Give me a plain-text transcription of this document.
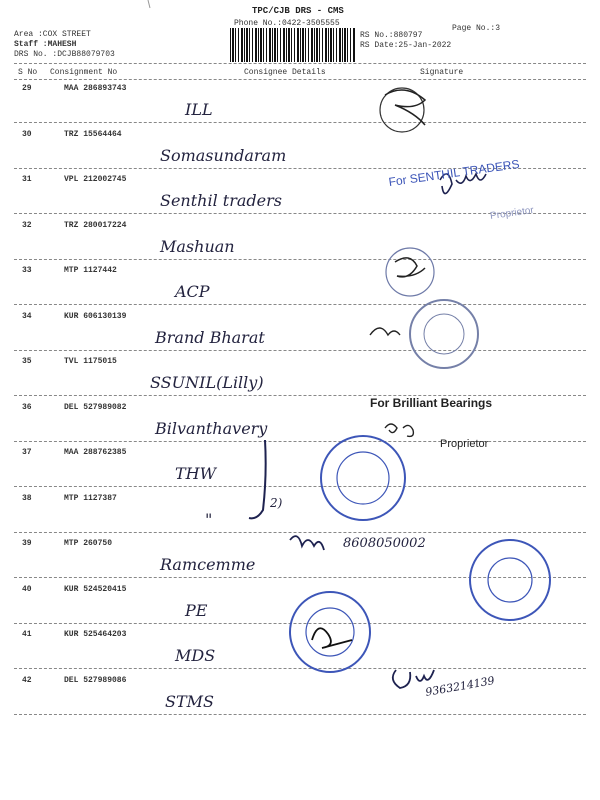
TPC/CJB DRS - CMS
Area :COX STREET
Staff :MAHESH
DRS No. :DCJB88079703
Phone No.:0422-3505555
RS No.:880797
RS Date:25-Jan-2022
Page No.:3
S No Consignment No	Consignee Details	Signature
29	MAA 286893743
ILL
30	TRZ 15564464
Somasundaram
31	VPL 212002745
Senthil traders
32	TRZ 280017224
Mashuan
33	MTP 1127442
ACP
34	KUR 606130139
Brand Bharat
35	TVL 1175015
SSUNIL(Lilly)
36	DEL 527989082
Bilvanthavery
37	MAA 288762385
THW
38	MTP 1127387
"
39	MTP 260750
Ramcemme
40	KUR 524520415
PE
41	KUR 525464203
MDS
42	DEL 527989086
STMS
For SENTHIL TRADERS
Proprietor
For Brilliant Bearings
Proprietor
8608050002
9363214139
2)
